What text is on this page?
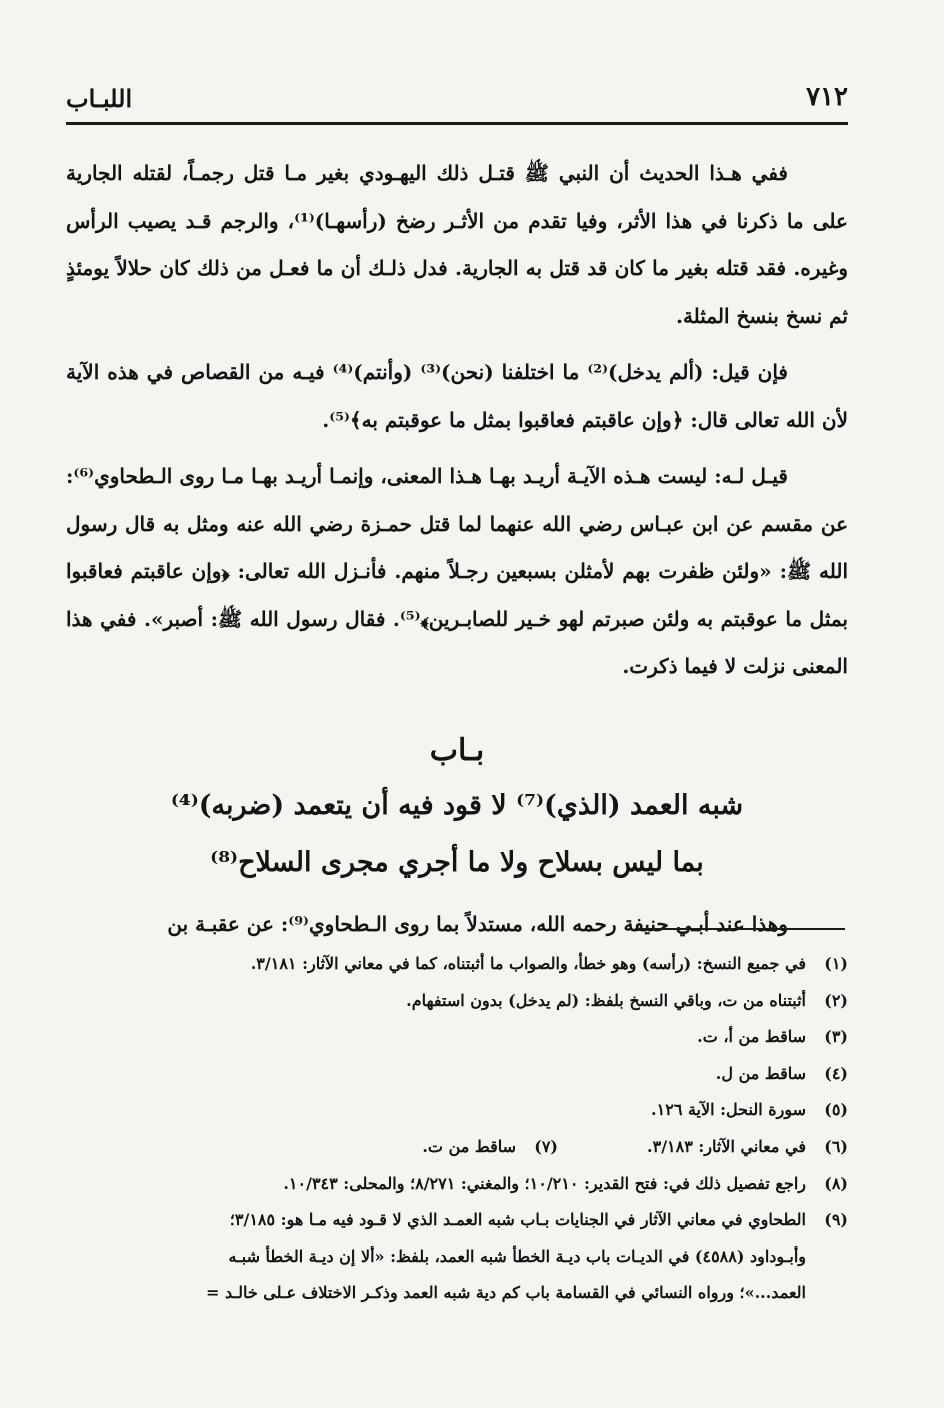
٧١٢
اللبـاب

ففي هـذا الحديث أن النبي ﷺ قتـل ذلك اليهـودي بغير مـا قتل رجمـاً، لقتله الجارية على ما ذكرنا في هذا الأثر، وفيا تقدم من الأثـر رضخ (رأسهـا)⁽¹⁾، والرجم قـد يصيب الرأس وغيره. فقد قتله بغير ما كان قد قتل به الجارية. فدل ذلـك أن ما فعـل من ذلك كان حلالاً يومئذٍ ثم نسخ بنسخ المثلة.

فإن قيل: (ألم يدخل)⁽²⁾ ما اختلفنا (نحن)⁽³⁾ (وأنتم)⁽⁴⁾ فيـه من القصاص في هذه الآية لأن الله تعالى قال: ﴿وإن عاقبتم فعاقبوا بمثل ما عوقبتم به﴾⁽⁵⁾.

قيـل لـه: ليست هـذه الآيـة أريـد بهـا هـذا المعنى، وإنمـا أريـد بهـا مـا روى الـطحاوي⁽⁶⁾: عن مقسم عن ابن عبـاس رضي الله عنهما لما قتل حمـزة رضي الله عنه ومثل به قال رسول الله ﷺ: «ولئن ظفرت بهم لأمثلن بسبعين رجـلاً منهم. فأنـزل الله تعالى: ﴿وإن عاقبتم فعاقبوا بمثل ما عوقبتم به ولئن صبرتم لهو خـير للصابـرين﴾⁽⁵⁾. فقال رسول الله ﷺ: أصبر». ففي هذا المعنى نزلت لا فيما ذكرت.

بـاب
شبه العمد (الذي)⁽⁷⁾ لا قود فيه أن يتعمد (ضربه)⁽⁴⁾
بما ليس بسلاح ولا ما أجري مجرى السلاح⁽⁸⁾

وهذا عند أبـي حنيفة رحمه الله، مستدلاً بما روى الـطحاوي⁽⁹⁾: عن عقبـة بن

(١)
في جميع النسخ: (رأسه) وهو خطأ، والصواب ما أثبتناه، كما في معاني الآثار: ٣/١٨١.
(٢)
أثبتناه من ت، وباقي النسخ بلفظ: (لم يدخل) بدون استفهام.
(٣)
ساقط من أ، ت.
(٤)
ساقط من ل.
(٥)
سورة النحل: الآية ١٢٦.
(٦)
في معاني الآثار: ٣/١٨٣.
(٧)
ساقط من ت.
(٨)
راجع تفصيل ذلك في: فتح القدير: ١٠/٢١٠؛ والمغني: ٨/٢٧١؛ والمحلى: ١٠/٣٤٣.
(٩)
الطحاوي في معاني الآثار في الجنايات بـاب شبه العمـد الذي لا قـود فيه مـا هو: ٣/١٨٥؛
وأبـوداود (٤٥٨٨) في الديـات باب ديـة الخطأ شبه العمد، بلفظ: «ألا إن ديـة الخطأ شبـه
العمد...»؛ ورواه النسائي في القسامة باب كم دية شبه العمد وذكـر الاختلاف عـلى خالـد =
